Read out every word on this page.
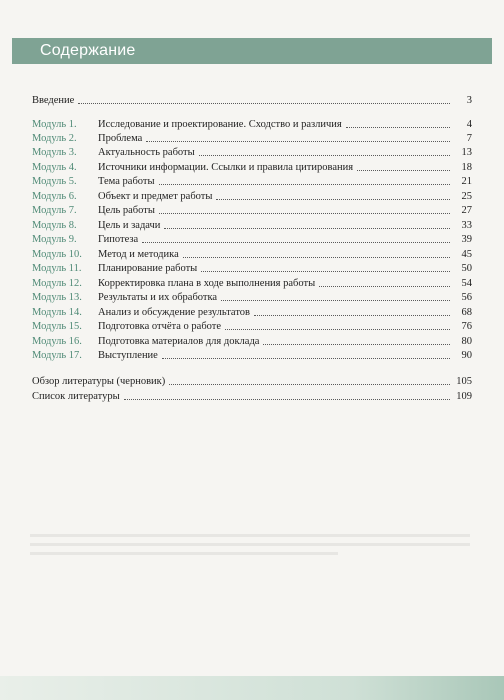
Содержание
Введение	3
Модуль 1.	Исследование и проектирование. Сходство и различия	4
Модуль 2.	Проблема	7
Модуль 3.	Актуальность работы	13
Модуль 4.	Источники информации. Ссылки и правила цитирования	18
Модуль 5.	Тема работы	21
Модуль 6.	Объект и предмет работы	25
Модуль 7.	Цель работы	27
Модуль 8.	Цель и задачи	33
Модуль 9.	Гипотеза	39
Модуль 10.	Метод и методика	45
Модуль 11.	Планирование работы	50
Модуль 12.	Корректировка плана в ходе выполнения работы	54
Модуль 13.	Результаты и их обработка	56
Модуль 14.	Анализ и обсуждение результатов	68
Модуль 15.	Подготовка отчёта о работе	76
Модуль 16.	Подготовка материалов для доклада	80
Модуль 17.	Выступление	90
Обзор литературы (черновик)	105
Список литературы	109
